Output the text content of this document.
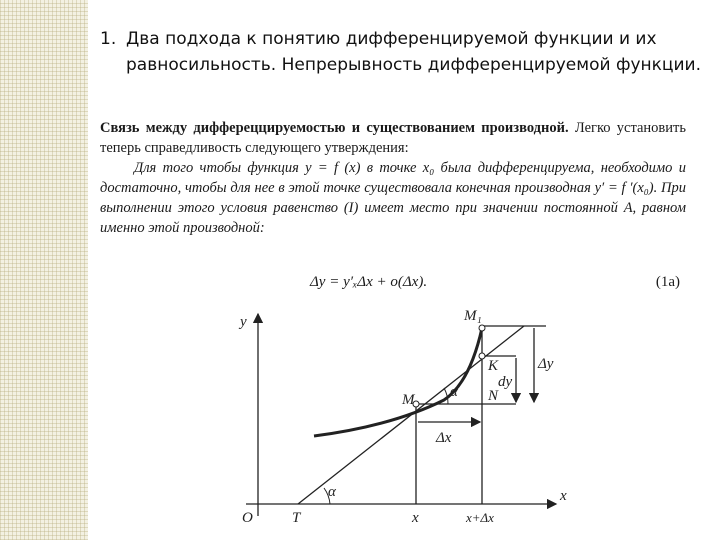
1. Два подхода к понятию дифференцируемой функции и их
равносильность. Непрерывность дифференцируемой функции.
Связь между диффереццируемостью и существованием производной. Легко установить теперь справедливость следующего утверждения:
Для того чтобы функция y = f (x) в точке x₀ была дифференцируема, необходимо и достаточно, чтобы для нее в этой точке существовала конечная производная y′ = f ′(x₀). При выполнении этого условия равенство (I) имеет место при значении постоянной A, равном именно этой производной:
Δy = y′ₓΔx + o(Δx).	(1a)
y
x
O	T	x	x+Δx
M
M₁
K
N
α
α
Δx
Δy
dy
